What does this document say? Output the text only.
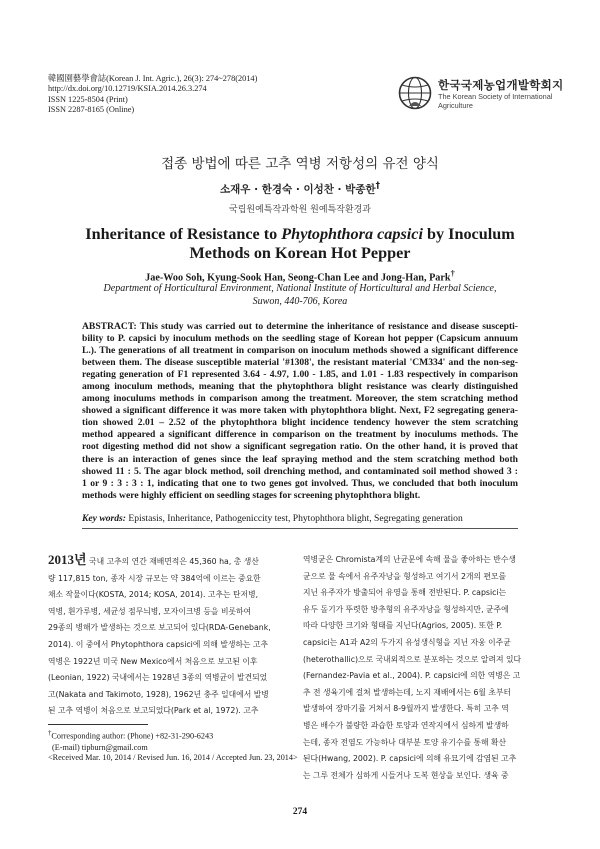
韓國園藝學會誌(Korean J. Int. Agric.), 26(3): 274~278(2014)
http://dx.doi.org/10.12719/KSIA.2014.26.3.274
ISSN 1225-8504 (Print)
ISSN 2287-8165 (Online)
한국국제농업개발학회지
The Korean Society of International Agriculture
접종 방법에 따른 고추 역병 저항성의 유전 양식
소재우 · 한경숙 · 이성찬 · 박종한†
국립원예특작과학원 원예특작환경과
Inheritance of Resistance to Phytophthora capsici by Inoculum Methods on Korean Hot Pepper
Jae-Woo Soh, Kyung-Sook Han, Seong-Chan Lee and Jong-Han, Park†
Department of Horticultural Environment, National Institute of Horticultural and Herbal Science,
Suwon, 440-706, Korea
ABSTRACT: This study was carried out to determine the inheritance of resistance and disease suscepti-
bility to P. capsici by inoculum methods on the seedling stage of Korean hot pepper (Capsicum annuum
L.). The generations of all treatment in comparison on inoculum methods showed a significant difference
between them. The disease susceptible material '#1308', the resistant material 'CM334' and the non-seg-
regating generation of F1 represented 3.64 - 4.97, 1.00 - 1.85, and 1.01 - 1.83 respectively in comparison
among inoculum methods, meaning that the phytophthora blight resistance was clearly distinguished
among inoculums methods in comparison among the treatment. Moreover, the stem scratching method
showed a significant difference it was more taken with phytophthora blight. Next, F2 segregating genera-
tion showed 2.01 – 2.52 of the phytophthora blight incidence tendency however the stem scratching
method appeared a significant difference in comparison on the treatment by inoculums methods. The
root digesting method did not show a significant segregation ratio. On the other hand, it is proved that
there is an interaction of genes since the leaf spraying method and the stem scratching method both
showed 11 : 5. The agar block method, soil drenching method, and contaminated soil method showed 3 :
1 or 9 : 3 : 3 : 1, indicating that one to two genes got involved. Thus, we concluded that both inoculum
methods were highly efficient on seedling stages for screening phytophthora blight.
Key words: Epistasis, Inheritance, Pathogeniccity test, Phytophthora blight, Segregating generation
2013년 국내 고추의 연간 재배면적은 45,360 ha, 총 생산
량 117,815 ton, 종자 시장 규모는 약 384억에 이르는 중요한
채소 작물이다(KOSTA, 2014; KOSA, 2014). 고추는 탄저병,
역병, 흰가루병, 세균성 점무늬병, 모자이크병 등을 비롯하여
29종의 병해가 발생하는 것으로 보고되어 있다(RDA-Genebank,
2014). 이 중에서 Phytophthora capsici에 의해 발생하는 고추
역병은 1922년 미국 New Mexico에서 처음으로 보고된 이후
(Leonian, 1922) 국내에서는 1928년 3종의 역병균이 발견되었
고(Nakata and Takimoto, 1928), 1962년 충주 일대에서 발병
된 고추 역병이 처음으로 보고되었다(Park et al, 1972). 고추
역병균은 Chromista계의 난균문에 속해 물을 좋아하는 반수생
균으로 물 속에서 유주자낭을 형성하고 여기서 2개의 편모를
지닌 유주자가 방출되어 유영을 통해 전반된다. P. capsici는
유두 돌기가 뚜렷한 방추형의 유주자낭을 형성하지만, 균주에
따라 다양한 크기와 형태를 지닌다(Agrios, 2005). 또한 P.
capsici는 A1과 A2의 두가지 유성생식형을 지닌 자웅 이주균
(heterothallic)으로 국내외적으로 분포하는 것으로 알려져 있다
(Fernandez-Pavia et al., 2004). P. capsici에 의한 역병은 고
추 전 생육기에 걸쳐 발생하는데, 노지 재배에서는 6월 초부터
발생하여 장마기를 거쳐서 8-9월까지 발생한다. 특히 고추 역
병은 배수가 불량한 과습한 토양과 연작지에서 심하게 발생하
는데, 종자 전염도 가능하나 대부분 토양 유기수를 통해 확산
된다(Hwang, 2002). P. capsici에 의해 유묘기에 감염된 고추
는 그루 전체가 심하게 시들거나 도복 현상을 보인다. 생육 중
†Corresponding author: (Phone) +82-31-290-6243
(E-mail) tipburn@gmail.com
<Received Mar. 10, 2014 / Revised Jun. 16, 2014 / Accepted Jun. 23, 2014>
274
